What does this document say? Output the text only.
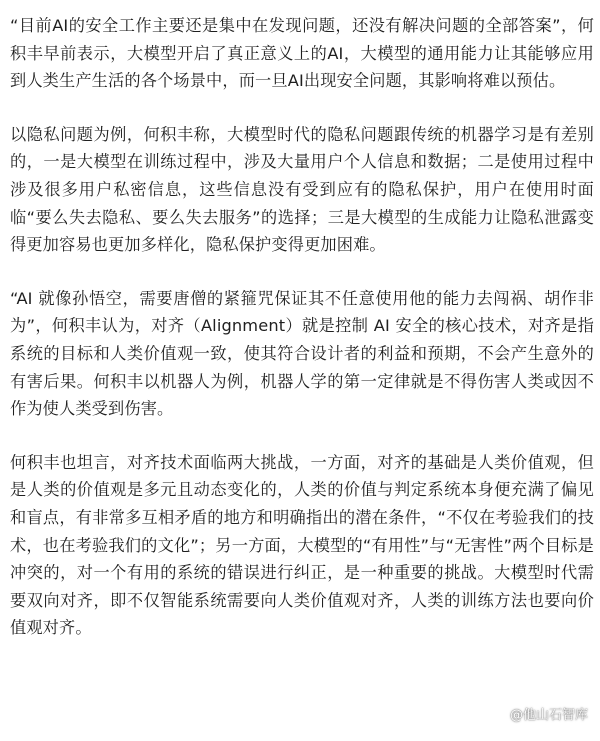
“目前AI的安全工作主要还是集中在发现问题，还没有解决问题的全部答案”，何积丰早前表示，大模型开启了真正意义上的AI，大模型的通用能力让其能够应用到人类生产生活的各个场景中，而一旦AI出现安全问题，其影响将难以预估。

以隐私问题为例，何积丰称，大模型时代的隐私问题跟传统的机器学习是有差别的，一是大模型在训练过程中，涉及大量用户个人信息和数据；二是使用过程中涉及很多用户私密信息，这些信息没有受到应有的隐私保护，用户在使用时面临“要么失去隐私、要么失去服务”的选择；三是大模型的生成能力让隐私泄露变得更加容易也更加多样化，隐私保护变得更加困难。

“AI 就像孙悟空，需要唐僧的紧箍咒保证其不任意使用他的能力去闯祸、胡作非为”，何积丰认为，对齐（Alignment）就是控制 AI 安全的核心技术，对齐是指系统的目标和人类价值观一致，使其符合设计者的利益和预期，不会产生意外的有害后果。何积丰以机器人为例，机器人学的第一定律就是不得伤害人类或因不作为使人类受到伤害。

何积丰也坦言，对齐技术面临两大挑战，一方面，对齐的基础是人类价值观，但是人类的价值观是多元且动态变化的，人类的价值与判定系统本身便充满了偏见和盲点，有非常多互相矛盾的地方和明确指出的潜在条件，“不仅在考验我们的技术，也在考验我们的文化”；另一方面，大模型的“有用性”与“无害性”两个目标是冲突的，对一个有用的系统的错误进行纠正，是一种重要的挑战。大模型时代需要双向对齐，即不仅智能系统需要向人类价值观对齐，人类的训练方法也要向价值观对齐。

@他山石智库
